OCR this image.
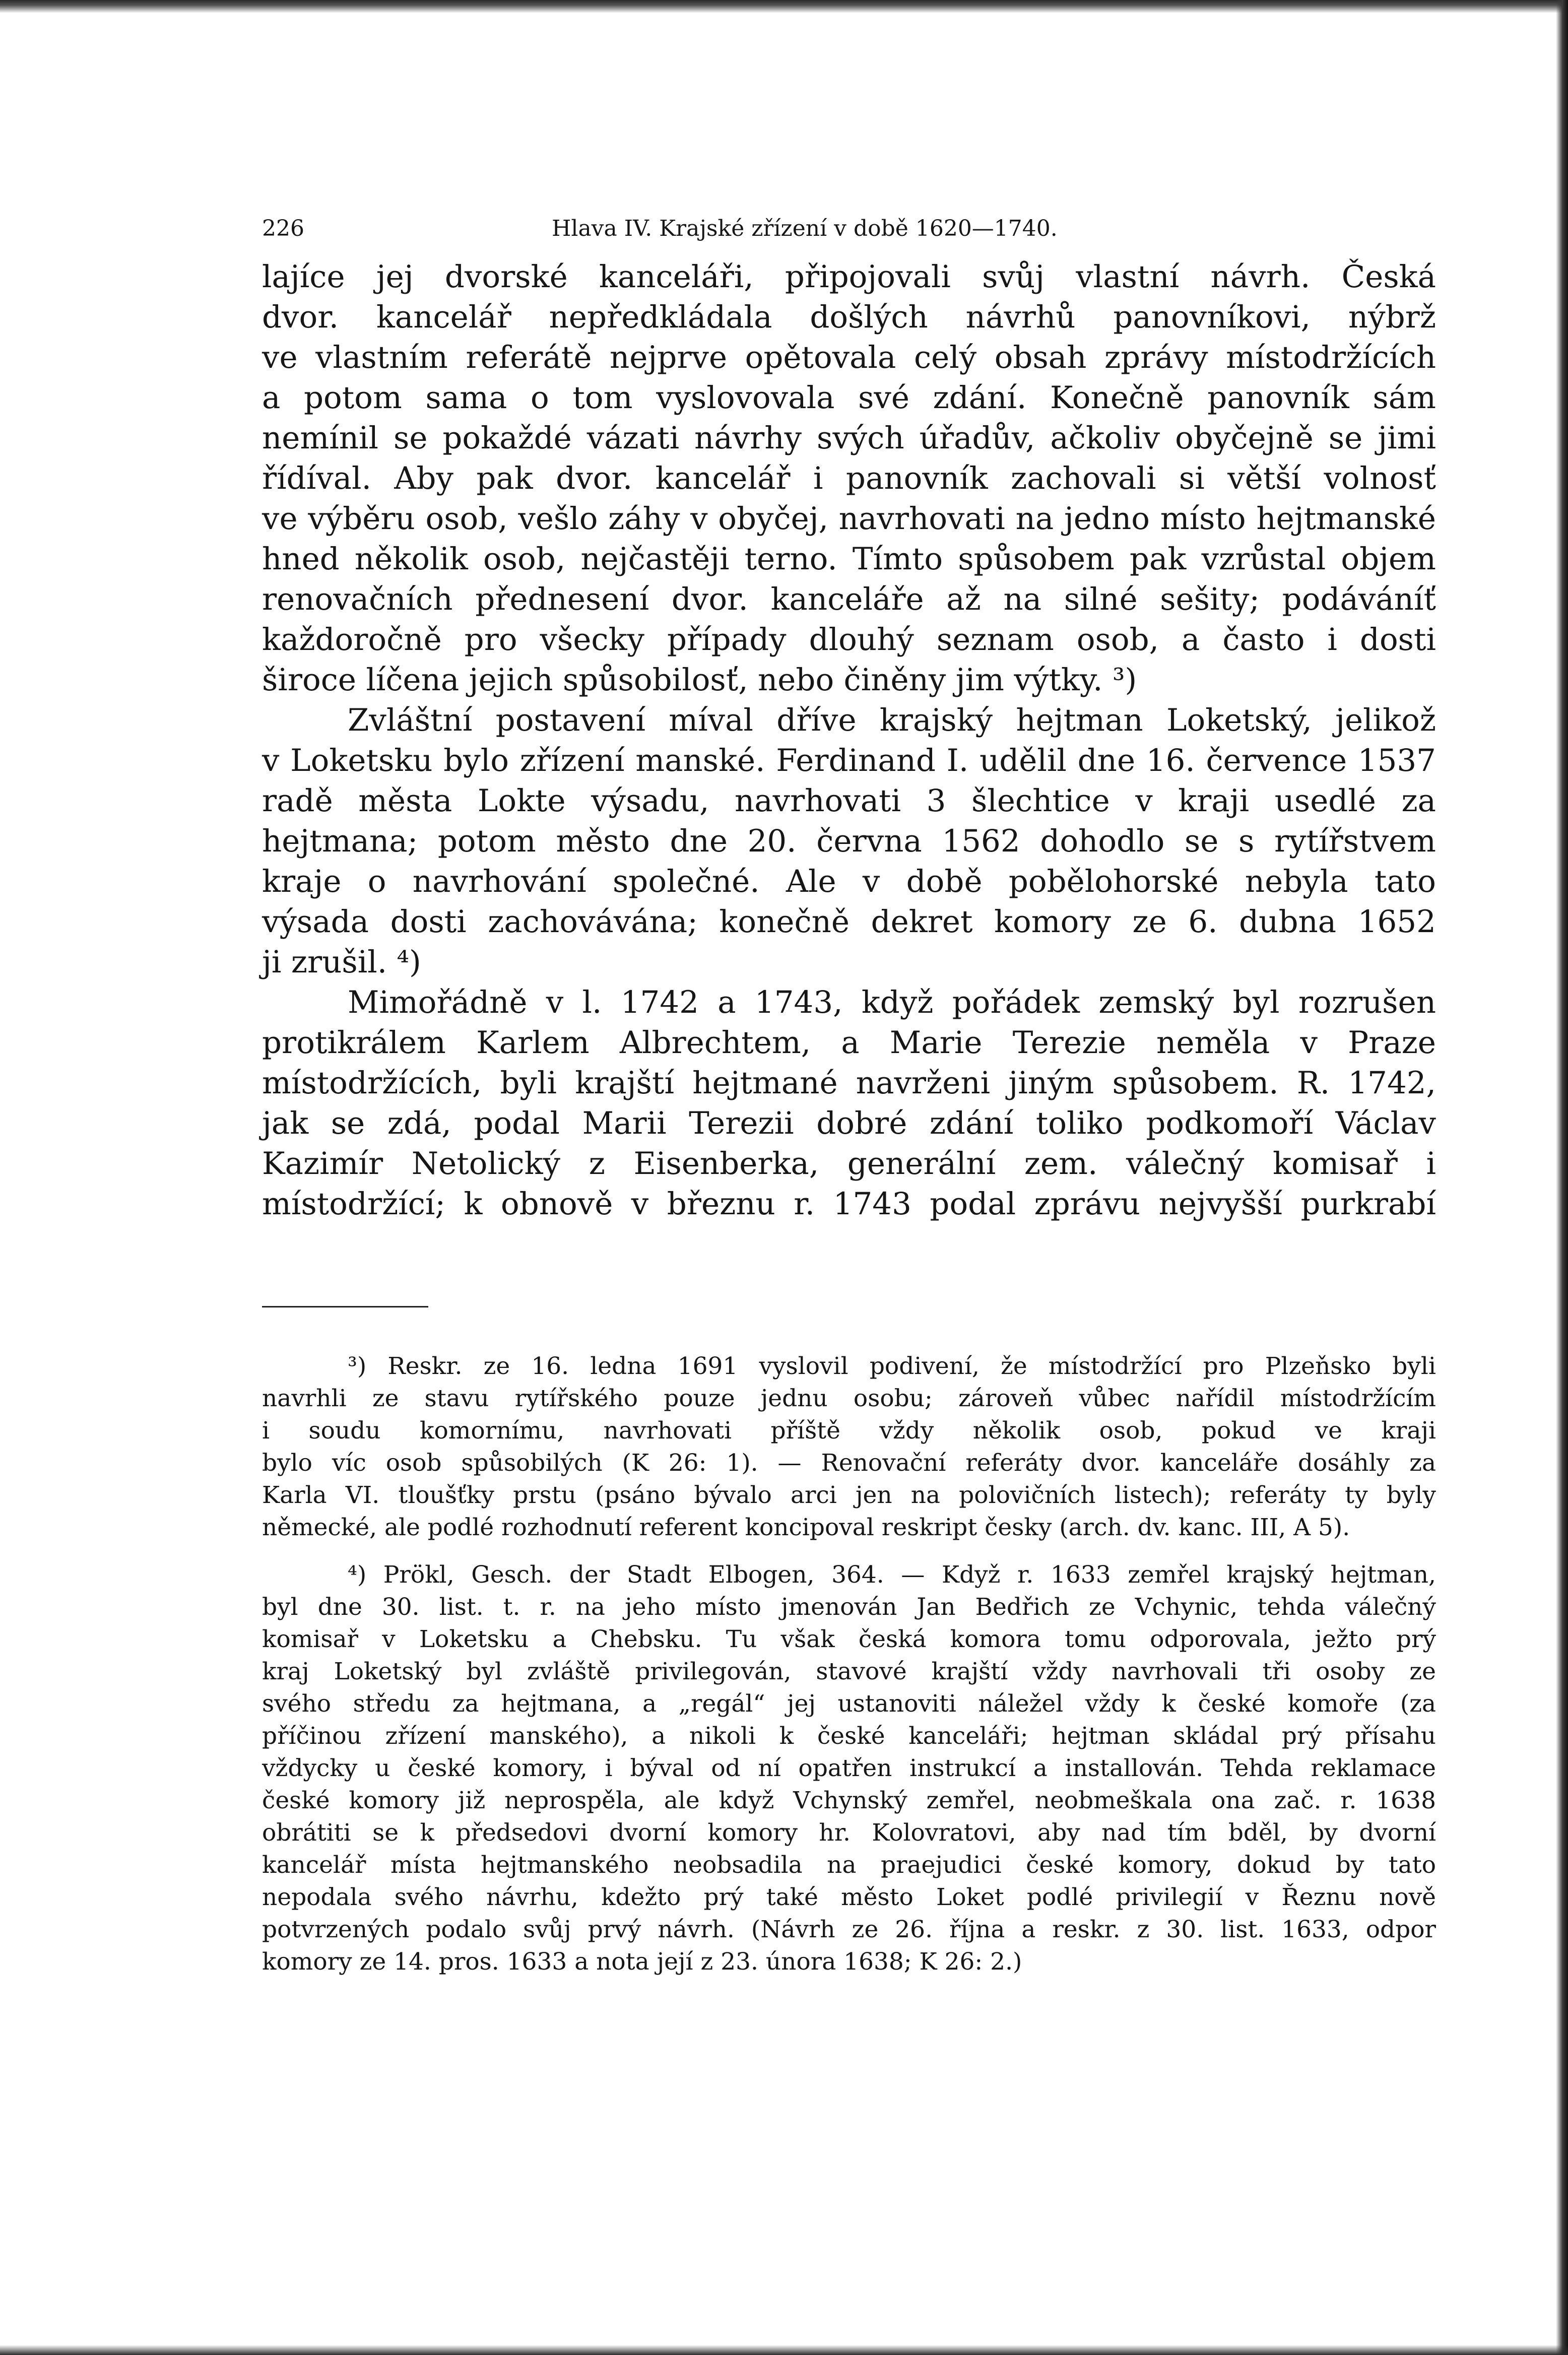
226	Hlava IV. Krajské zřízení v době 1620—1740.
lajíce jej dvorské kanceláři, připojovali svůj vlastní návrh. Česká
dvor. kancelář nepředkládala došlých návrhů panovníkovi, nýbrž
ve vlastním referátě nejprve opětovala celý obsah zprávy místodržících
a potom sama o tom vyslovovala své zdání. Konečně panovník sám
nemínil se pokaždé vázati návrhy svých úřadův, ačkoliv obyčejně se jimi
řídíval. Aby pak dvor. kancelář i panovník zachovali si větší volnosť
ve výběru osob, vešlo záhy v obyčej, navrhovati na jedno místo hejtmanské
hned několik osob, nejčastěji terno. Tímto spůsobem pak vzrůstal objem
renovačních přednesení dvor. kanceláře až na silné sešity; podáváníť
každoročně pro všecky případy dlouhý seznam osob, a často i dosti
široce líčena jejich spůsobilosť, nebo činěny jim výtky. ³)
Zvláštní postavení míval dříve krajský hejtman Loketský, jelikož
v Loketsku bylo zřízení manské. Ferdinand I. udělil dne 16. července 1537
radě města Lokte výsadu, navrhovati 3 šlechtice v kraji usedlé za
hejtmana; potom město dne 20. června 1562 dohodlo se s rytířstvem
kraje o navrhování společné. Ale v době pobělohorské nebyla tato
výsada dosti zachovávána; konečně dekret komory ze 6. dubna 1652
ji zrušil. ⁴)
Mimořádně v l. 1742 a 1743, když pořádek zemský byl rozrušen
protikrálem Karlem Albrechtem, a Marie Terezie neměla v Praze
místodržících, byli krajští hejtmané navrženi jiným spůsobem. R. 1742,
jak se zdá, podal Marii Terezii dobré zdání toliko podkomoří Václav
Kazimír Netolický z Eisenberka, generální zem. válečný komisař i
místodržící; k obnově v březnu r. 1743 podal zprávu nejvyšší purkrabí
³) Reskr. ze 16. ledna 1691 vyslovil podivení, že místodržící pro Plzeňsko byli
navrhli ze stavu rytířského pouze jednu osobu; zároveň vůbec nařídil místodržícím
i soudu komornímu, navrhovati příště vždy několik osob, pokud ve kraji
bylo víc osob spůsobilých (K 26: 1). — Renovační referáty dvor. kanceláře dosáhly za
Karla VI. tloušťky prstu (psáno bývalo arci jen na polovičních listech); referáty ty byly
německé, ale podlé rozhodnutí referent koncipoval reskript česky (arch. dv. kanc. III, A 5).
⁴) Prökl, Gesch. der Stadt Elbogen, 364. — Když r. 1633 zemřel krajský hejtman,
byl dne 30. list. t. r. na jeho místo jmenován Jan Bedřich ze Vchynic, tehda válečný
komisař v Loketsku a Chebsku. Tu však česká komora tomu odporovala, ježto prý
kraj Loketský byl zvláště privilegován, stavové krajští vždy navrhovali tři osoby ze
svého středu za hejtmana, a „regál“ jej ustanoviti náležel vždy k české komoře (za
příčinou zřízení manského), a nikoli k české kanceláři; hejtman skládal prý přísahu
vždycky u české komory, i býval od ní opatřen instrukcí a installován. Tehda reklamace
české komory již neprospěla, ale když Vchynský zemřel, neobmeškala ona zač. r. 1638
obrátiti se k předsedovi dvorní komory hr. Kolovratovi, aby nad tím bděl, by dvorní
kancelář místa hejtmanského neobsadila na praejudici české komory, dokud by tato
nepodala svého návrhu, kdežto prý také město Loket podlé privilegií v Řeznu nově
potvrzených podalo svůj prvý návrh. (Návrh ze 26. října a reskr. z 30. list. 1633, odpor
komory ze 14. pros. 1633 a nota její z 23. února 1638; K 26: 2.)
